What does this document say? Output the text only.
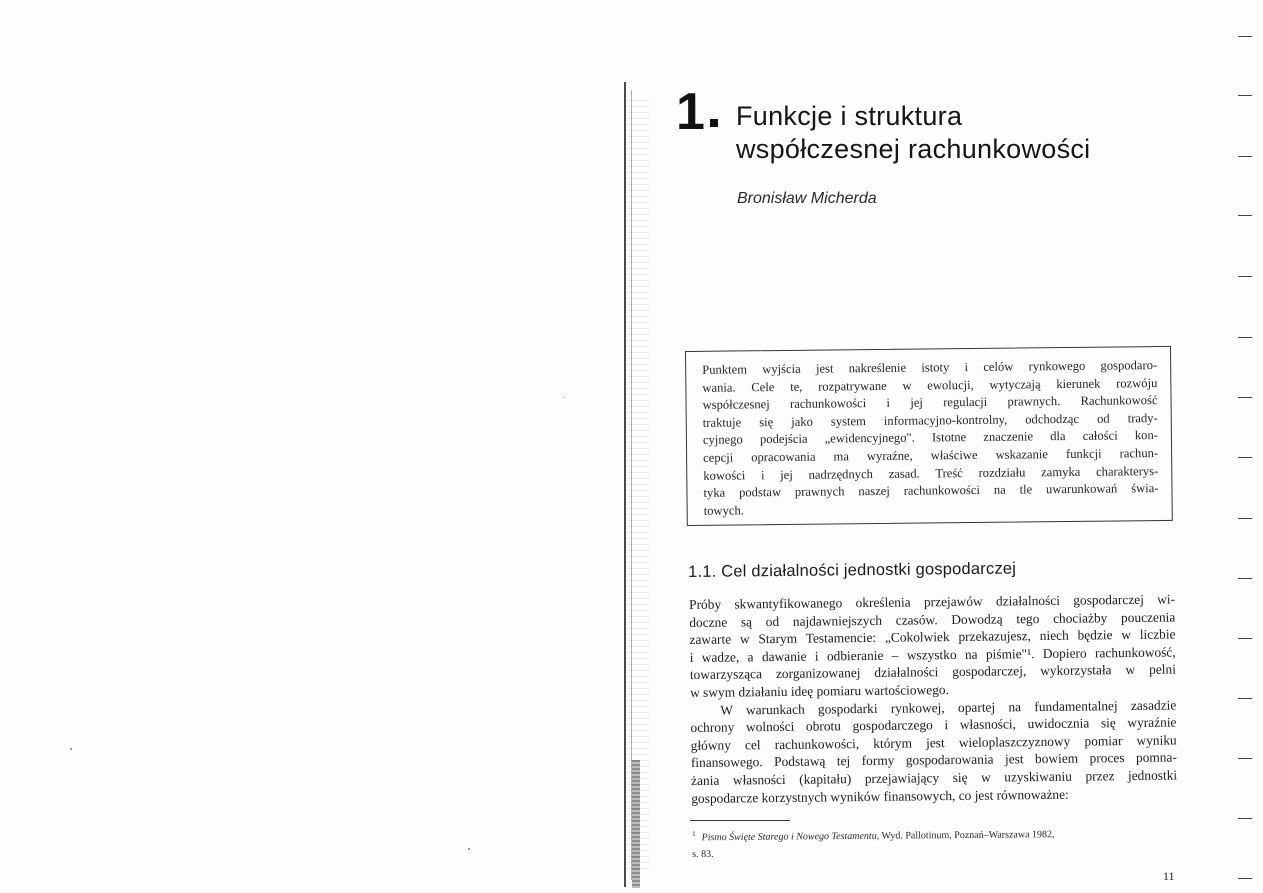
1 Funkcje i struktura
współczesnej rachunkowości
Bronisław Micherda
Punktem wyjścia jest nakreślenie istoty i celów rynkowego gospodaro-
wania. Cele te, rozpatrywane w ewolucji, wytyczają kierunek rozwóju
współczesnej rachunkowości i jej regulacji prawnych. Rachunkowość
traktuje się jako system informacyjno-kontrolny, odchodząc od trady-
cyjnego podejścia „ewidencyjnego". Istotne znaczenie dla całości kon-
cepcji opracowania ma wyraźne, właściwe wskazanie funkcji rachun-
kowości i jej nadrzędnych zasad. Treść rozdziału zamyka charakterys-
tyka podstaw prawnych naszej rachunkowości na tle uwarunkowań świa-
towych.
1.1. Cel działalności jednostki gospodarczej
Próby skwantyfikowanego określenia przejawów działalności gospodarczej wi-
doczne są od najdawniejszych czasów. Dowodzą tego chociażby pouczenia
zawarte w Starym Testamencie: „Cokolwiek przekazujesz, niech będzie w liczbie
i wadze, a dawanie i odbieranie – wszystko na piśmie"¹. Dopiero rachunkowość,
towarzysząca zorganizowanej działalności gospodarczej, wykorzystała w pelni
w swym działaniu ideę pomiaru wartościowego.
W warunkach gospodarki rynkowej, opartej na fundamentalnej zasadzie
ochrony wolności obrotu gospodarczego i własności, uwidocznia się wyraźnie
główny cel rachunkowości, którym jest wieloplaszczyznowy pomiar wyniku
finansowego. Podstawą tej formy gospodarowania jest bowiem proces pomna-
żania własności (kapitału) przejawiający się w uzyskiwaniu przez jednostki
gospodarcze korzystnych wyników finansowych, co jest równoważne:
$^1$ Pismo Święte Starego i Nowego Testamentu, Wyd. Pallotinum, Poznań–Warszawa 1982,
s. 83.
11
